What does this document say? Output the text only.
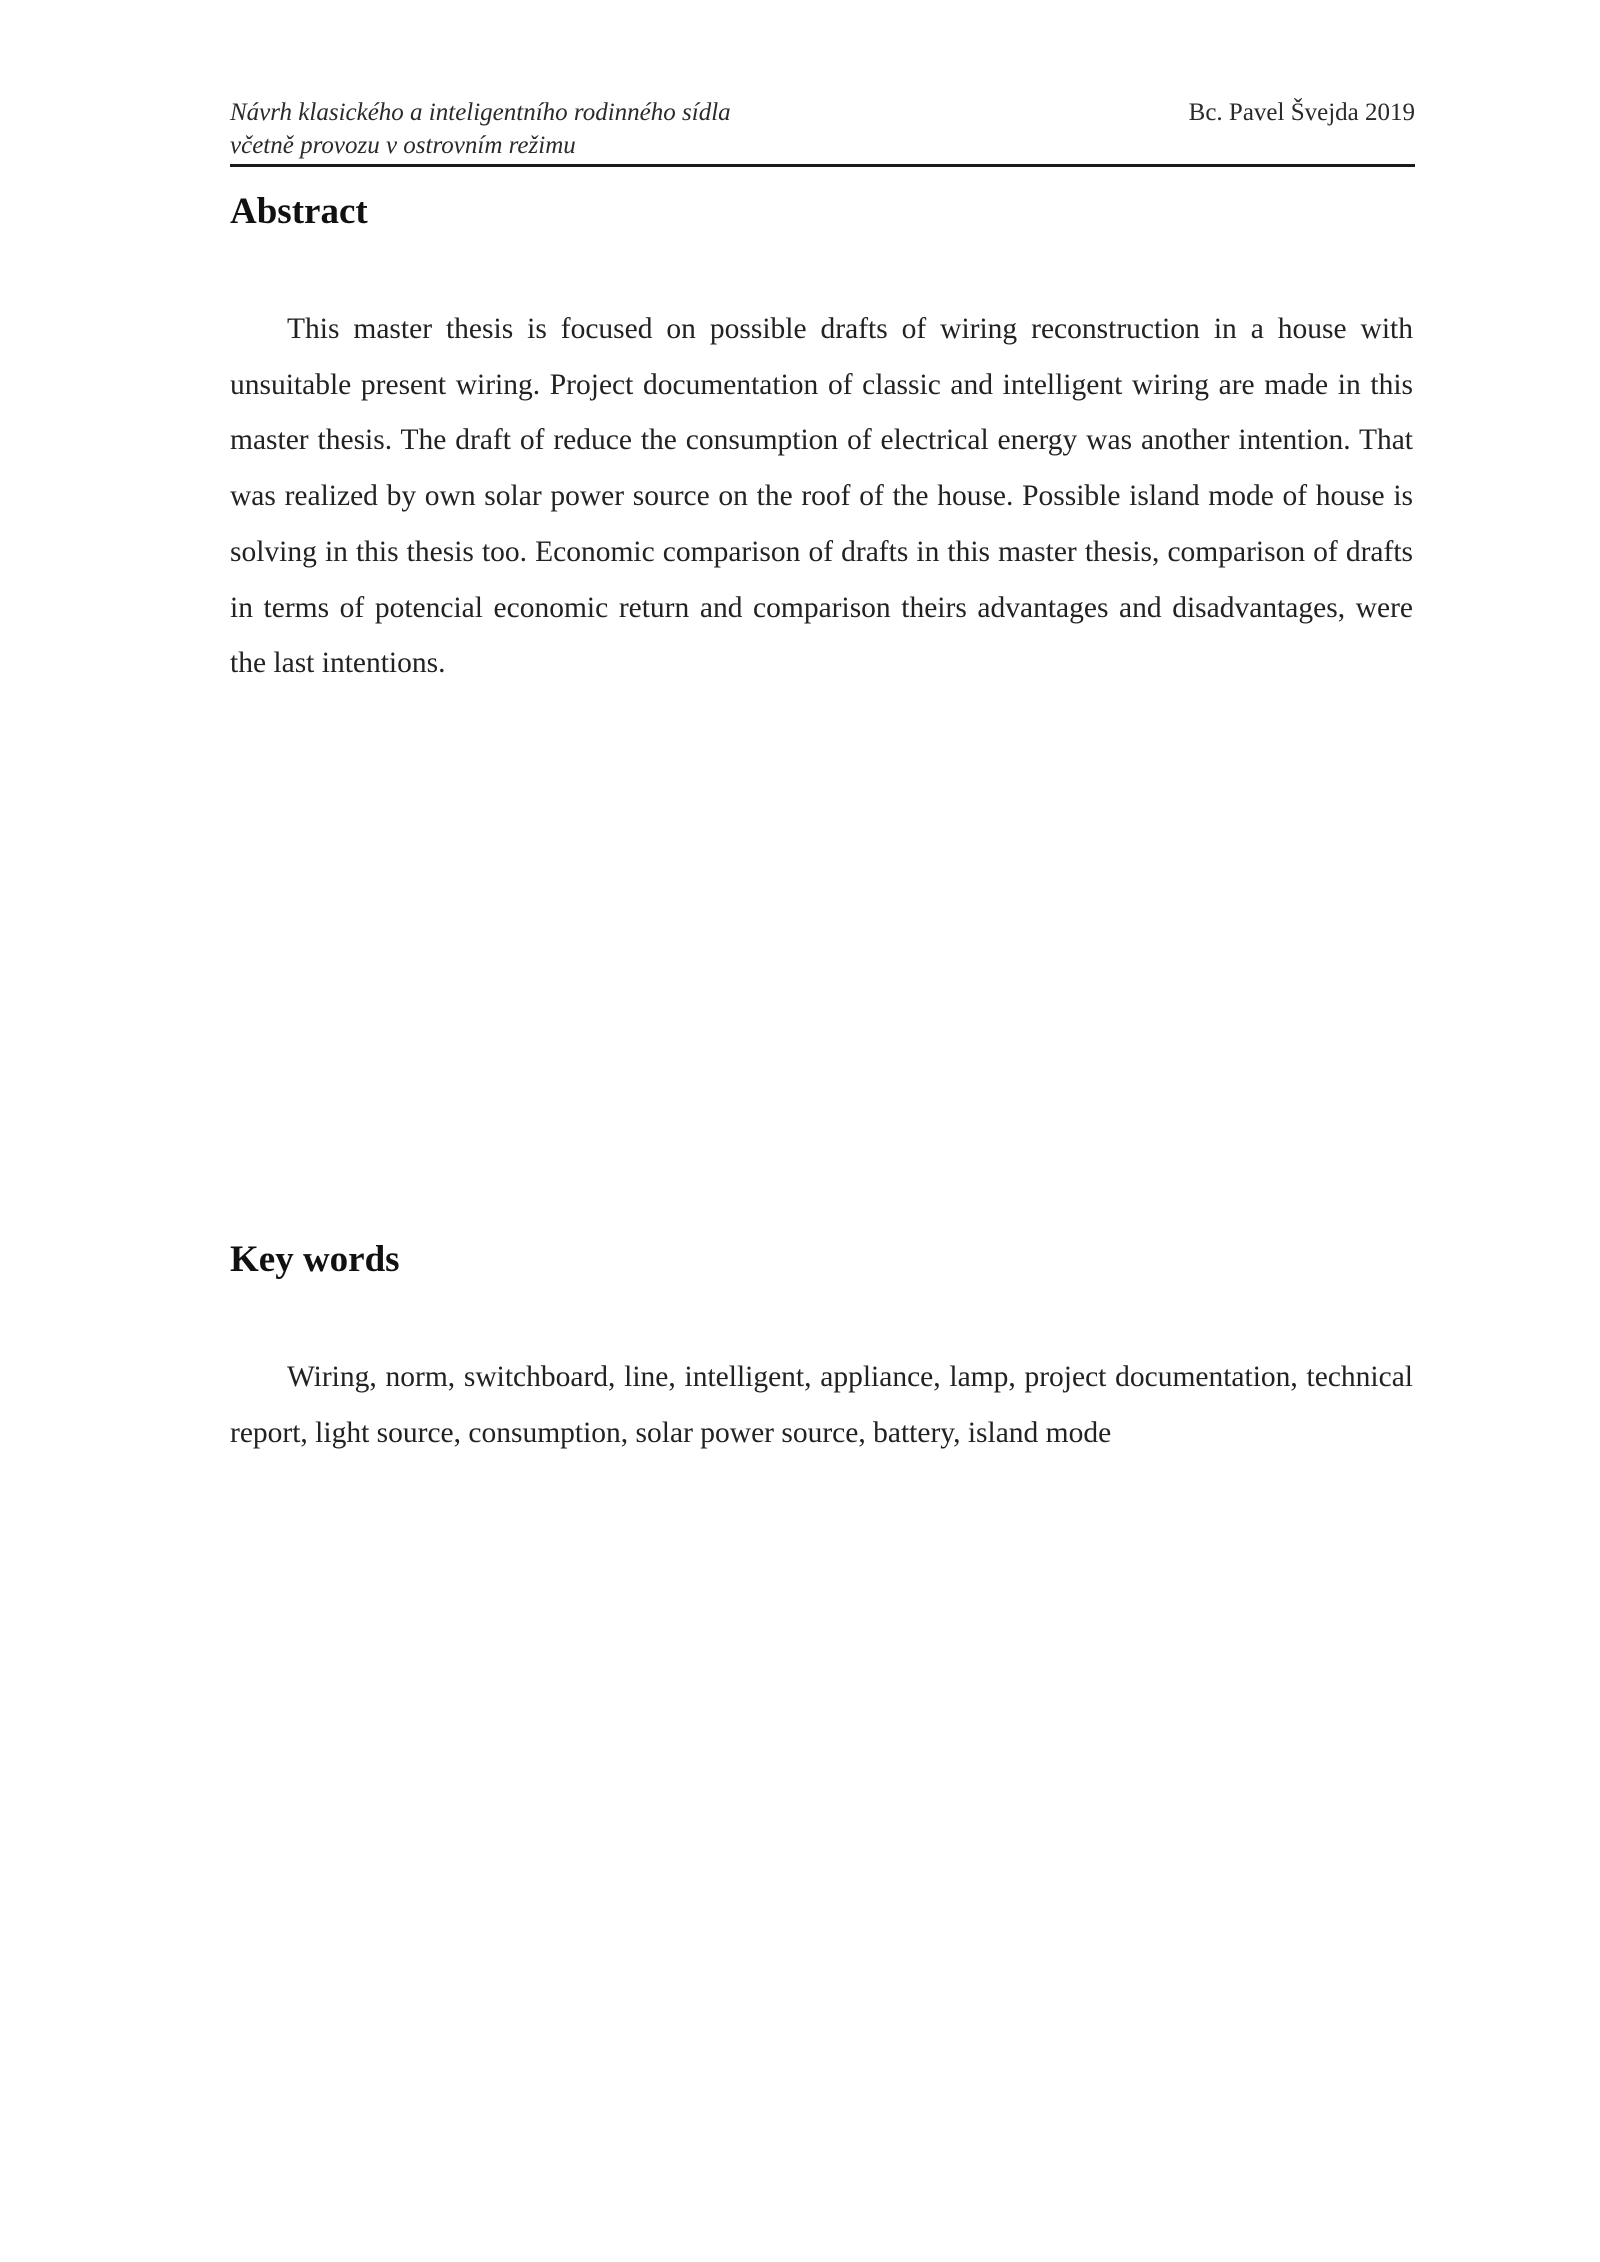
Návrh klasického a inteligentního rodinného sídla
včetně provozu v ostrovním režimu
Bc. Pavel Švejda 2019
Abstract
This master thesis is focused on possible drafts of wiring reconstruction in a house with unsuitable present wiring. Project documentation of classic and intelligent wiring are made in this master thesis. The draft of reduce the consumption of electrical energy was another intention. That was realized by own solar power source on the roof of the house. Possible island mode of house is solving in this thesis too. Economic comparison of drafts in this master thesis, comparison of drafts in terms of potencial economic return and comparison theirs advantages and disadvantages, were the last intentions.
Key words
Wiring, norm, switchboard, line, intelligent, appliance, lamp, project documentation, technical report, light source, consumption, solar power source, battery, island mode
